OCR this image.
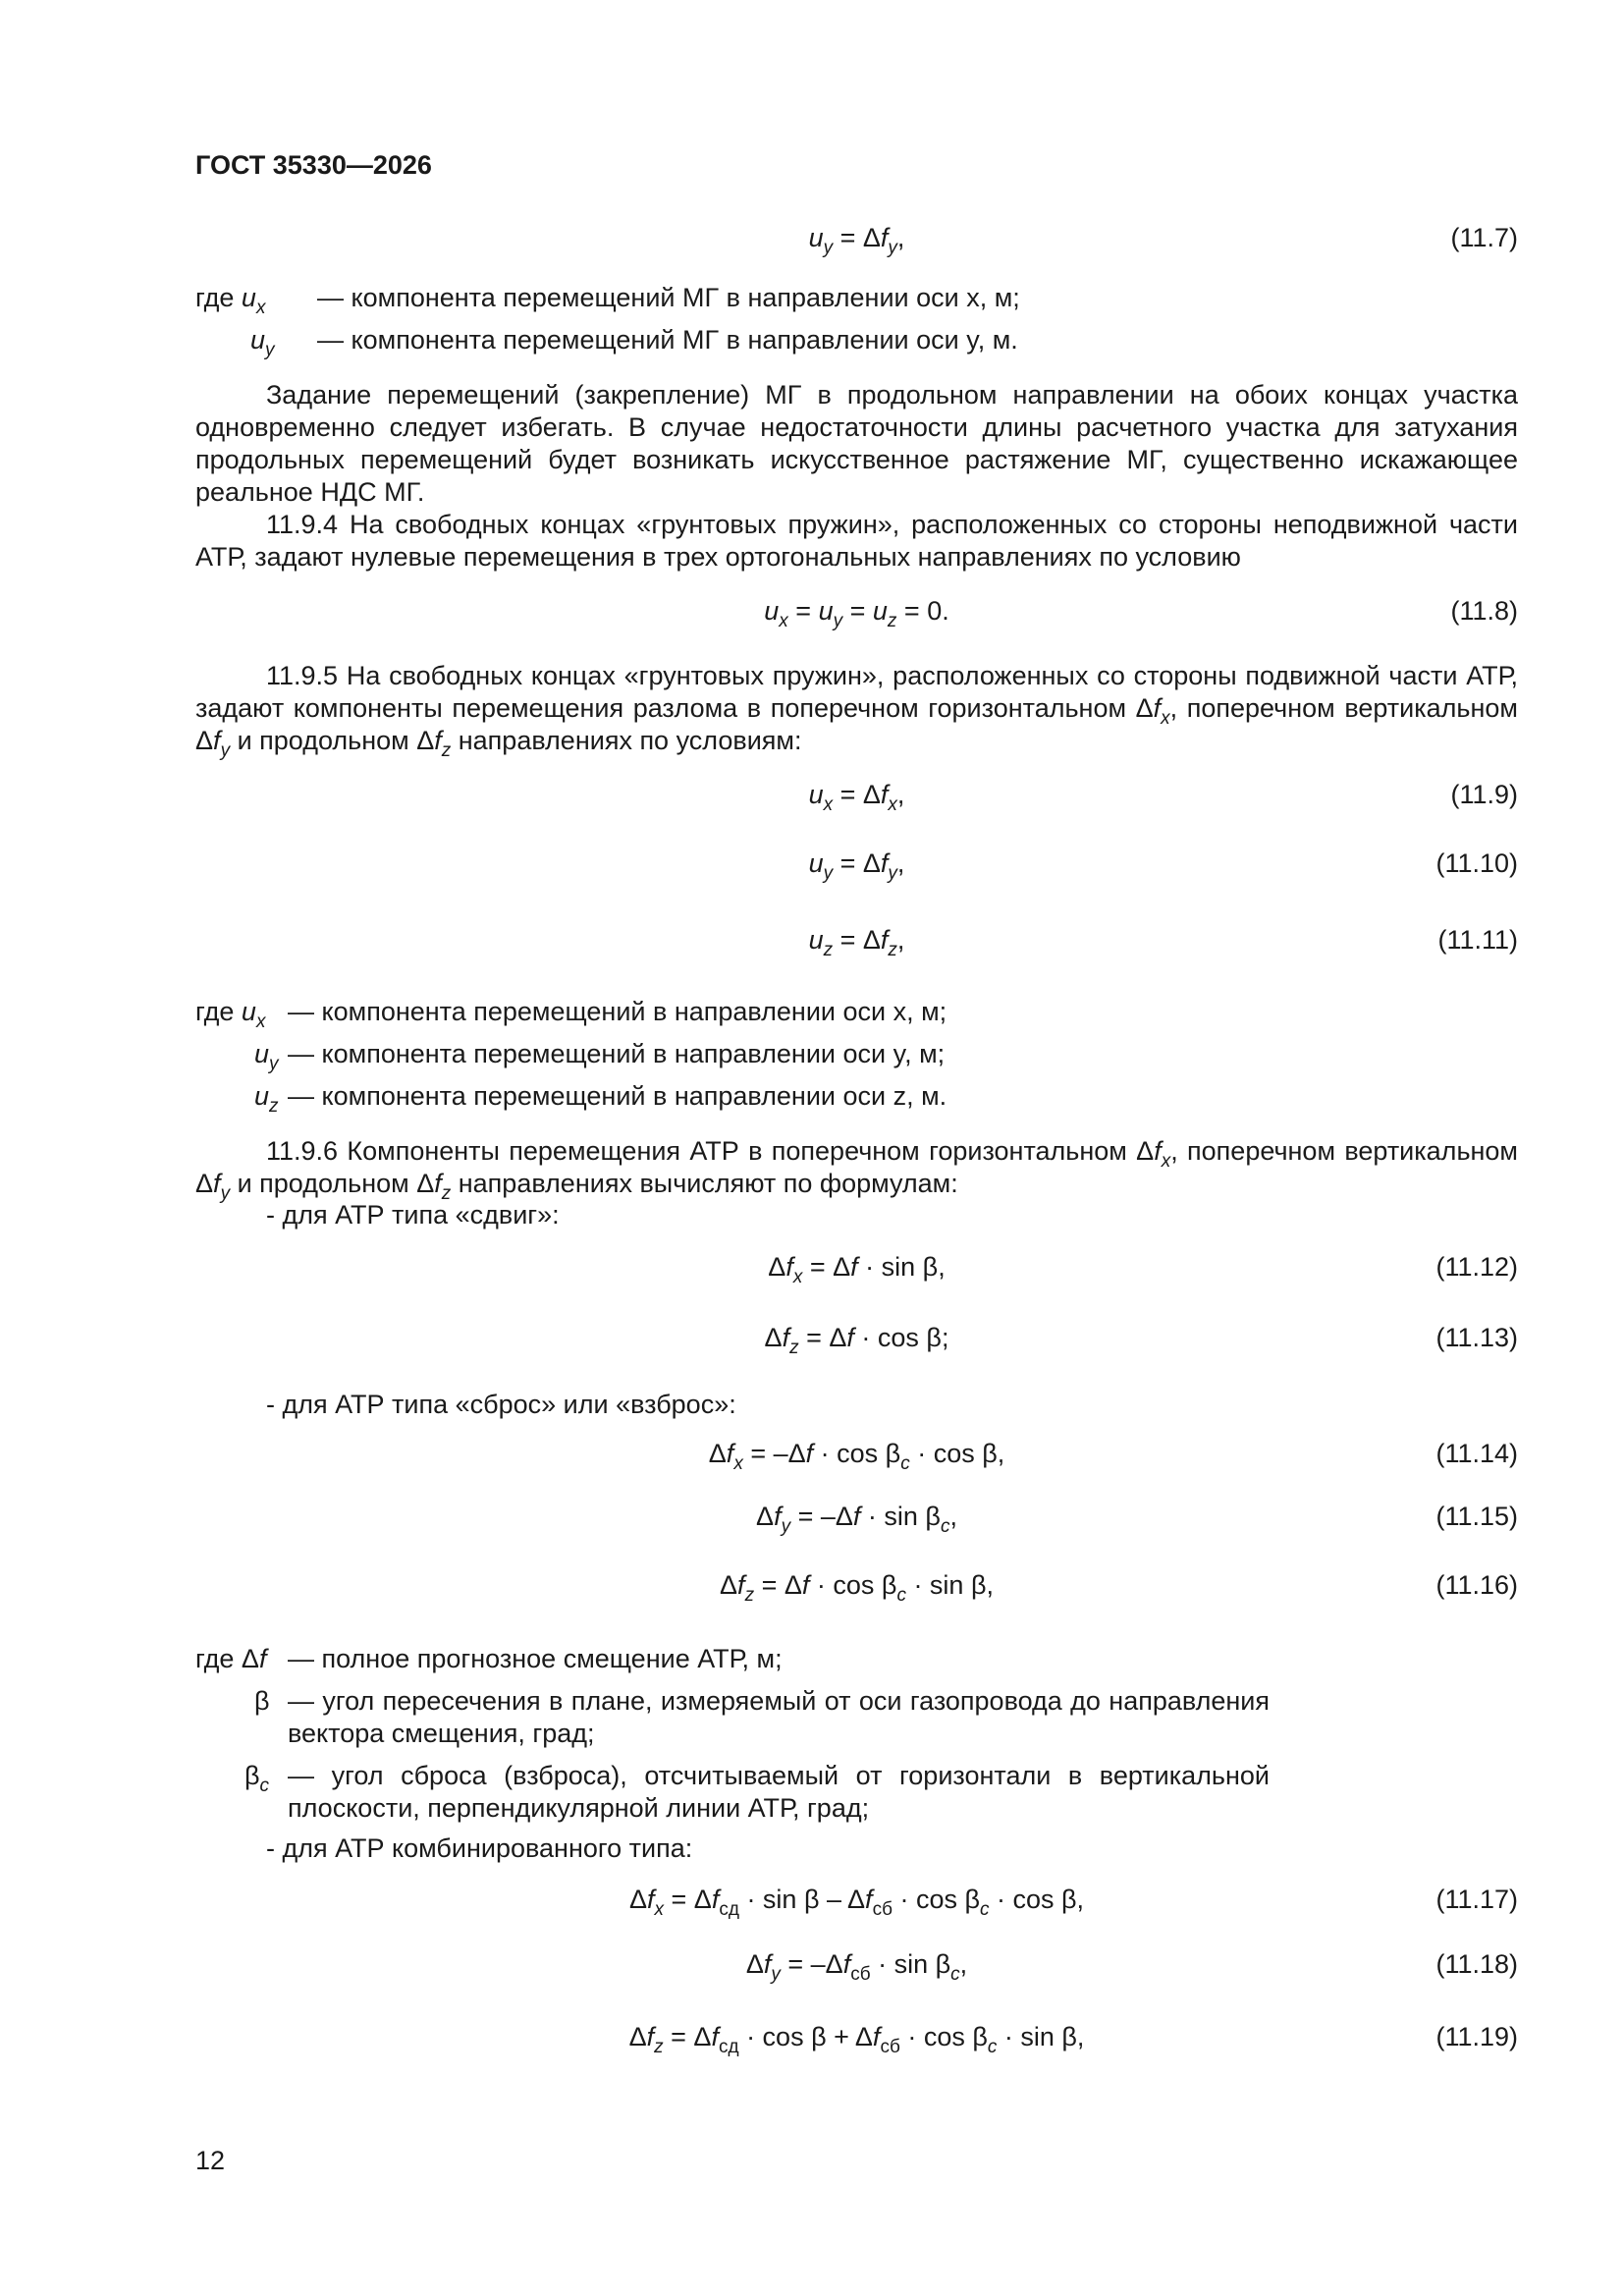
ГОСТ 35330—2026
$u_y = \Delta f_y$,	(11.7)
где $u_x$ — компонента перемещений МГ в направлении оси x, м;
$u_y$ — компонента перемещений МГ в направлении оси y, м.

Задание перемещений (закрепление) МГ в продольном направлении на обоих концах участка одновременно следует избегать. В случае недостаточности длины расчетного участка для затухания продольных перемещений будет возникать искусственное растяжение МГ, существенно искажающее реальное НДС МГ.

11.9.4 На свободных концах «грунтовых пружин», расположенных со стороны неподвижной части АТР, задают нулевые перемещения в трех ортогональных направлениях по условию

$u_x = u_y = u_z = 0$.	(11.8)

11.9.5 На свободных концах «грунтовых пружин», расположенных со стороны подвижной части АТР, задают компоненты перемещения разлома в поперечном горизонтальном $\Delta f_x$, поперечном вертикальном $\Delta f_y$ и продольном $\Delta f_z$ направлениях по условиям:

$u_x = \Delta f_x$,	(11.9)
$u_y = \Delta f_y$,	(11.10)
$u_z = \Delta f_z$,	(11.11)
где $u_x$ — компонента перемещений в направлении оси x, м;
$u_y$ — компонента перемещений в направлении оси y, м;
$u_z$ — компонента перемещений в направлении оси z, м.

11.9.6 Компоненты перемещения АТР в поперечном горизонтальном $\Delta f_x$, поперечном вертикальном $\Delta f_y$ и продольном $\Delta f_z$ направлениях вычисляют по формулам:

- для АТР типа «сдвиг»:
$\Delta f_x = \Delta f \cdot \sin \beta$,	(11.12)
$\Delta f_z = \Delta f \cdot \cos \beta$;	(11.13)
- для АТР типа «сброс» или «взброс»:
$\Delta f_x = -\Delta f \cdot \cos \beta_c \cdot \cos \beta$,	(11.14)
$\Delta f_y = -\Delta f \cdot \sin \beta_c$,	(11.15)
$\Delta f_z = \Delta f \cdot \cos \beta_c \cdot \sin \beta$,	(11.16)
где Δf — полное прогнозное смещение АТР, м;
β — угол пересечения в плане, измеряемый от оси газопровода до направления вектора смещения, град;
$\beta_c$ — угол сброса (взброса), отсчитываемый от горизонтали в вертикальной плоскости, перпендикулярной линии АТР, град;
- для АТР комбинированного типа:
$\Delta f_x = \Delta f_{сд} \cdot \sin \beta - \Delta f_{сб} \cdot \cos \beta_c \cdot \cos \beta$,	(11.17)
$\Delta f_y = -\Delta f_{сб} \cdot \sin \beta_c$,	(11.18)
$\Delta f_z = \Delta f_{сд} \cdot \cos \beta + \Delta f_{сб} \cdot \cos \beta_c \cdot \sin \beta$,	(11.19)
12
